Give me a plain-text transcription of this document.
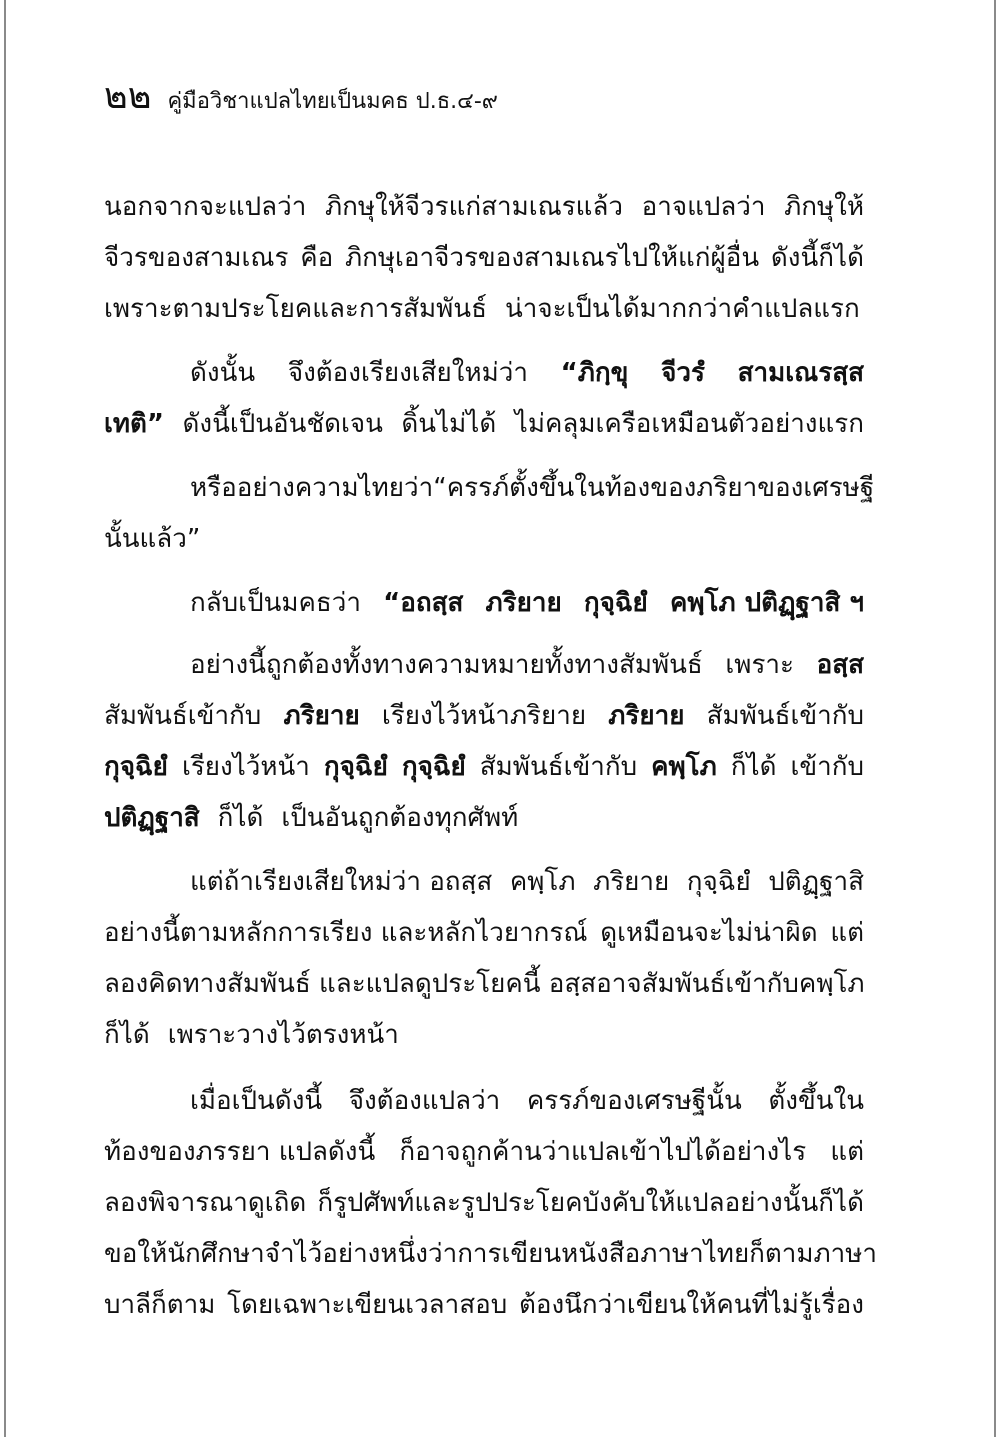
๒๒ คู่มือวิชาแปลไทยเป็นมคธ ป.ธ.๔-๙
นอกจากจะแปลว่า ภิกษุให้จีวรแก่สามเณรแล้ว อาจแปลว่า ภิกษุให้
จีวรของสามเณร คือ ภิกษุเอาจีวรของสามเณรไปให้แก่ผู้อื่น ดังนี้ก็ได้
เพราะตามประโยคและการสัมพันธ์ น่าจะเป็นได้มากกว่าคำแปลแรก
ดังนั้น จึงต้องเรียงเสียใหม่ว่า “ภิกฺขุ จีวรํ สามเณรสฺส
เทติ” ดังนี้เป็นอันชัดเจน ดิ้นไม่ได้ ไม่คลุมเครือเหมือนตัวอย่างแรก
หรืออย่างความไทยว่า “ครรภ์ตั้งขึ้นในท้องของภริยาของเศรษฐี
นั้นแล้ว”
กลับเป็นมคธว่า “อถสฺส ภริยาย กุจฺฉิยํ คพฺโภ ปติฏฺฐาสิ ฯ
อย่างนี้ถูกต้องทั้งทางความหมายทั้งทางสัมพันธ์ เพราะ อสฺส
สัมพันธ์เข้ากับ ภริยาย เรียงไว้หน้าภริยาย ภริยาย สัมพันธ์เข้ากับ
กุจฺฉิยํ เรียงไว้หน้า กุจฺฉิยํ กุจฺฉิยํ สัมพันธ์เข้ากับ คพฺโภ ก็ได้ เข้ากับ
ปติฏฺฐาสิ ก็ได้ เป็นอันถูกต้องทุกศัพท์
แต่ถ้าเรียงเสียใหม่ว่า อถสฺส คพฺโภ ภริยาย กุจฺฉิยํ ปติฏฺฐาสิ
อย่างนี้ตามหลักการเรียง และหลักไวยากรณ์ ดูเหมือนจะไม่น่าผิด แต่
ลองคิดทางสัมพันธ์ และแปลดูประโยคนี้ อสฺส อาจสัมพันธ์เข้ากับ คพฺโภ
ก็ได้ เพราะวางไว้ตรงหน้า
เมื่อเป็นดังนี้ จึงต้องแปลว่า ครรภ์ของเศรษฐีนั้น ตั้งขึ้นใน
ท้องของภรรยา แปลดังนี้ ก็อาจถูกค้านว่าแปลเข้าไปได้อย่างไร แต่
ลองพิจารณาดูเถิด ก็รูปศัพท์และรูปประโยคบังคับให้แปลอย่างนั้นก็ได้
ขอให้นักศึกษาจำไว้อย่างหนึ่งว่า การเขียนหนังสือภาษาไทยก็ตาม ภาษา
บาลีก็ตาม โดยเฉพาะเขียนเวลาสอบ ต้องนึกว่าเขียนให้คนที่ไม่รู้เรื่อง
